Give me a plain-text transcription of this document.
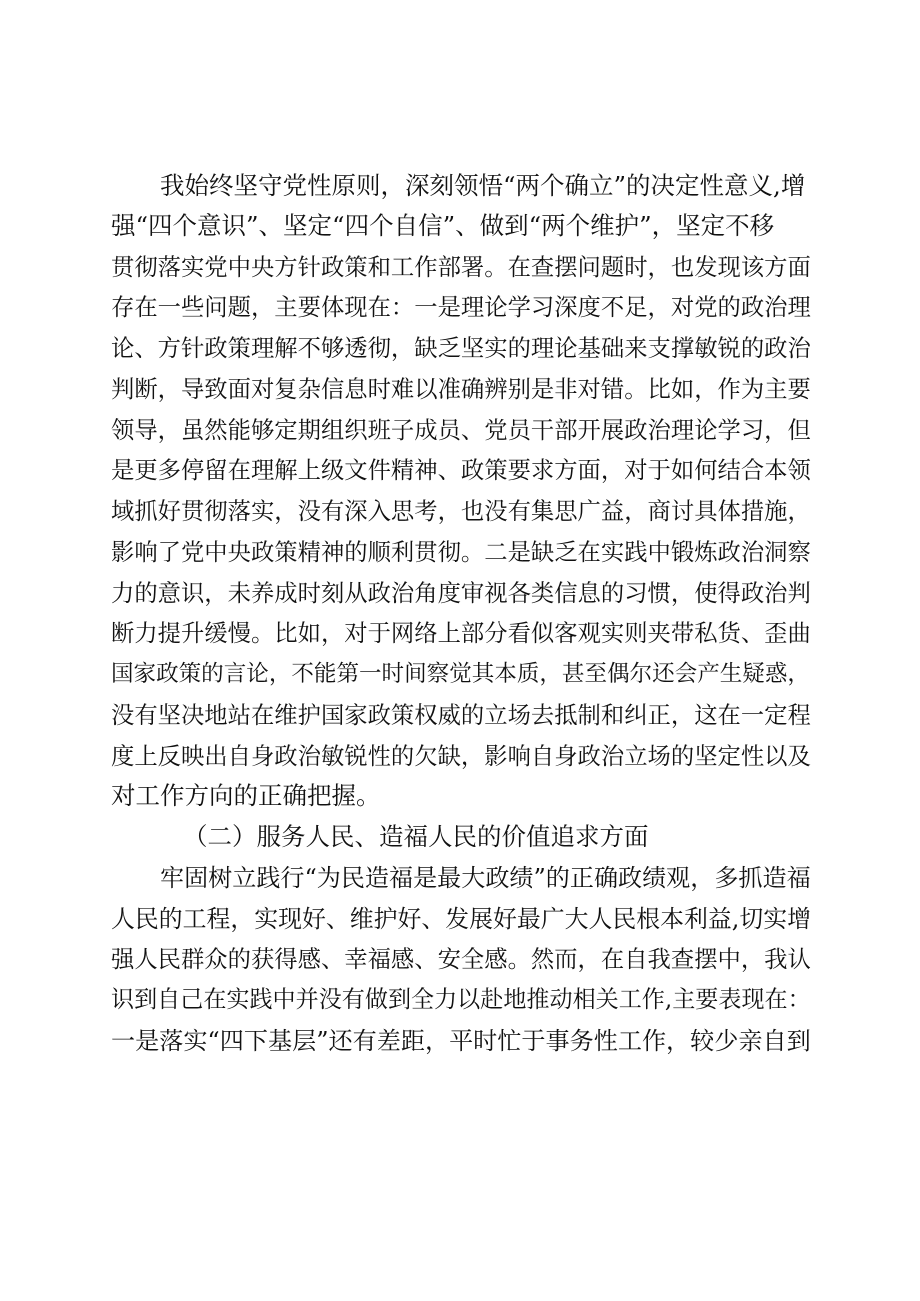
我始终坚守党性原则，深刻领悟“两个确立”的决定性意义,增
强“四个意识”、坚定“四个自信”、做到“两个维护”，坚定不移
贯彻落实党中央方针政策和工作部署。在查摆问题时，也发现该方面
存在一些问题，主要体现在：一是理论学习深度不足，对党的政治理
论、方针政策理解不够透彻，缺乏坚实的理论基础来支撑敏锐的政治
判断，导致面对复杂信息时难以准确辨别是非对错。比如，作为主要
领导，虽然能够定期组织班子成员、党员干部开展政治理论学习，但
是更多停留在理解上级文件精神、政策要求方面，对于如何结合本领
域抓好贯彻落实，没有深入思考，也没有集思广益，商讨具体措施，
影响了党中央政策精神的顺利贯彻。二是缺乏在实践中锻炼政治洞察
力的意识，未养成时刻从政治角度审视各类信息的习惯，使得政治判
断力提升缓慢。比如，对于网络上部分看似客观实则夹带私货、歪曲
国家政策的言论，不能第一时间察觉其本质，甚至偶尔还会产生疑惑，
没有坚决地站在维护国家政策权威的立场去抵制和纠正，这在一定程
度上反映出自身政治敏锐性的欠缺，影响自身政治立场的坚定性以及
对工作方向的正确把握。
（二）服务人民、造福人民的价值追求方面
牢固树立践行“为民造福是最大政绩”的正确政绩观，多抓造福
人民的工程，实现好、维护好、发展好最广大人民根本利益,切实增
强人民群众的获得感、幸福感、安全感。然而，在自我查摆中，我认
识到自己在实践中并没有做到全力以赴地推动相关工作,主要表现在：
一是落实“四下基层”还有差距，平时忙于事务性工作，较少亲自到
